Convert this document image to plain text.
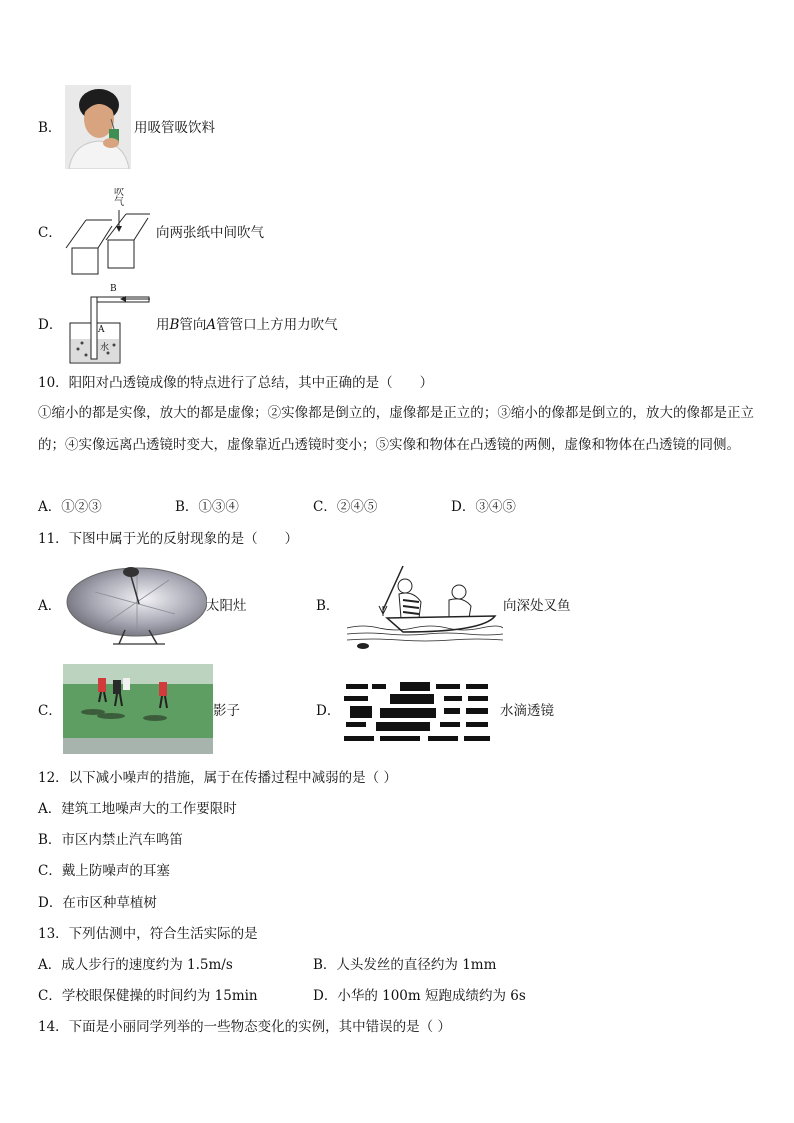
B．	用吸管吸饮料
C．
吹气
向两张纸中间吹气
D．
B
A
水
用B管向A管管口上方用力吹气
10．阳阳对凸透镜成像的特点进行了总结，其中正确的是（　　）
①缩小的都是实像，放大的都是虚像；②实像都是倒立的，虚像都是正立的；③缩小的像都是倒立的，放大的像都是正立的；④实像远离凸透镜时变大，虚像靠近凸透镜时变小；⑤实像和物体在凸透镜的两侧，虚像和物体在凸透镜的同侧。
A．①②③	B．①③④	C．②④⑤	D．③④⑤
11．下图中属于光的反射现象的是（　　）
A．	太阳灶	B．	向深处叉鱼
C．	影子	D．	水滴透镜
12．以下减小噪声的措施，属于在传播过程中减弱的是（ ）
A．建筑工地噪声大的工作要限时
B．市区内禁止汽车鸣笛
C．戴上防噪声的耳塞
D．在市区种草植树
13．下列估测中，符合生活实际的是
A．成人步行的速度约为 1.5m/s	B．人头发丝的直径约为 1mm
C．学校眼保健操的时间约为 15min	D．小华的 100m 短跑成绩约为 6s
14．下面是小丽同学列举的一些物态变化的实例，其中错误的是（ ）
